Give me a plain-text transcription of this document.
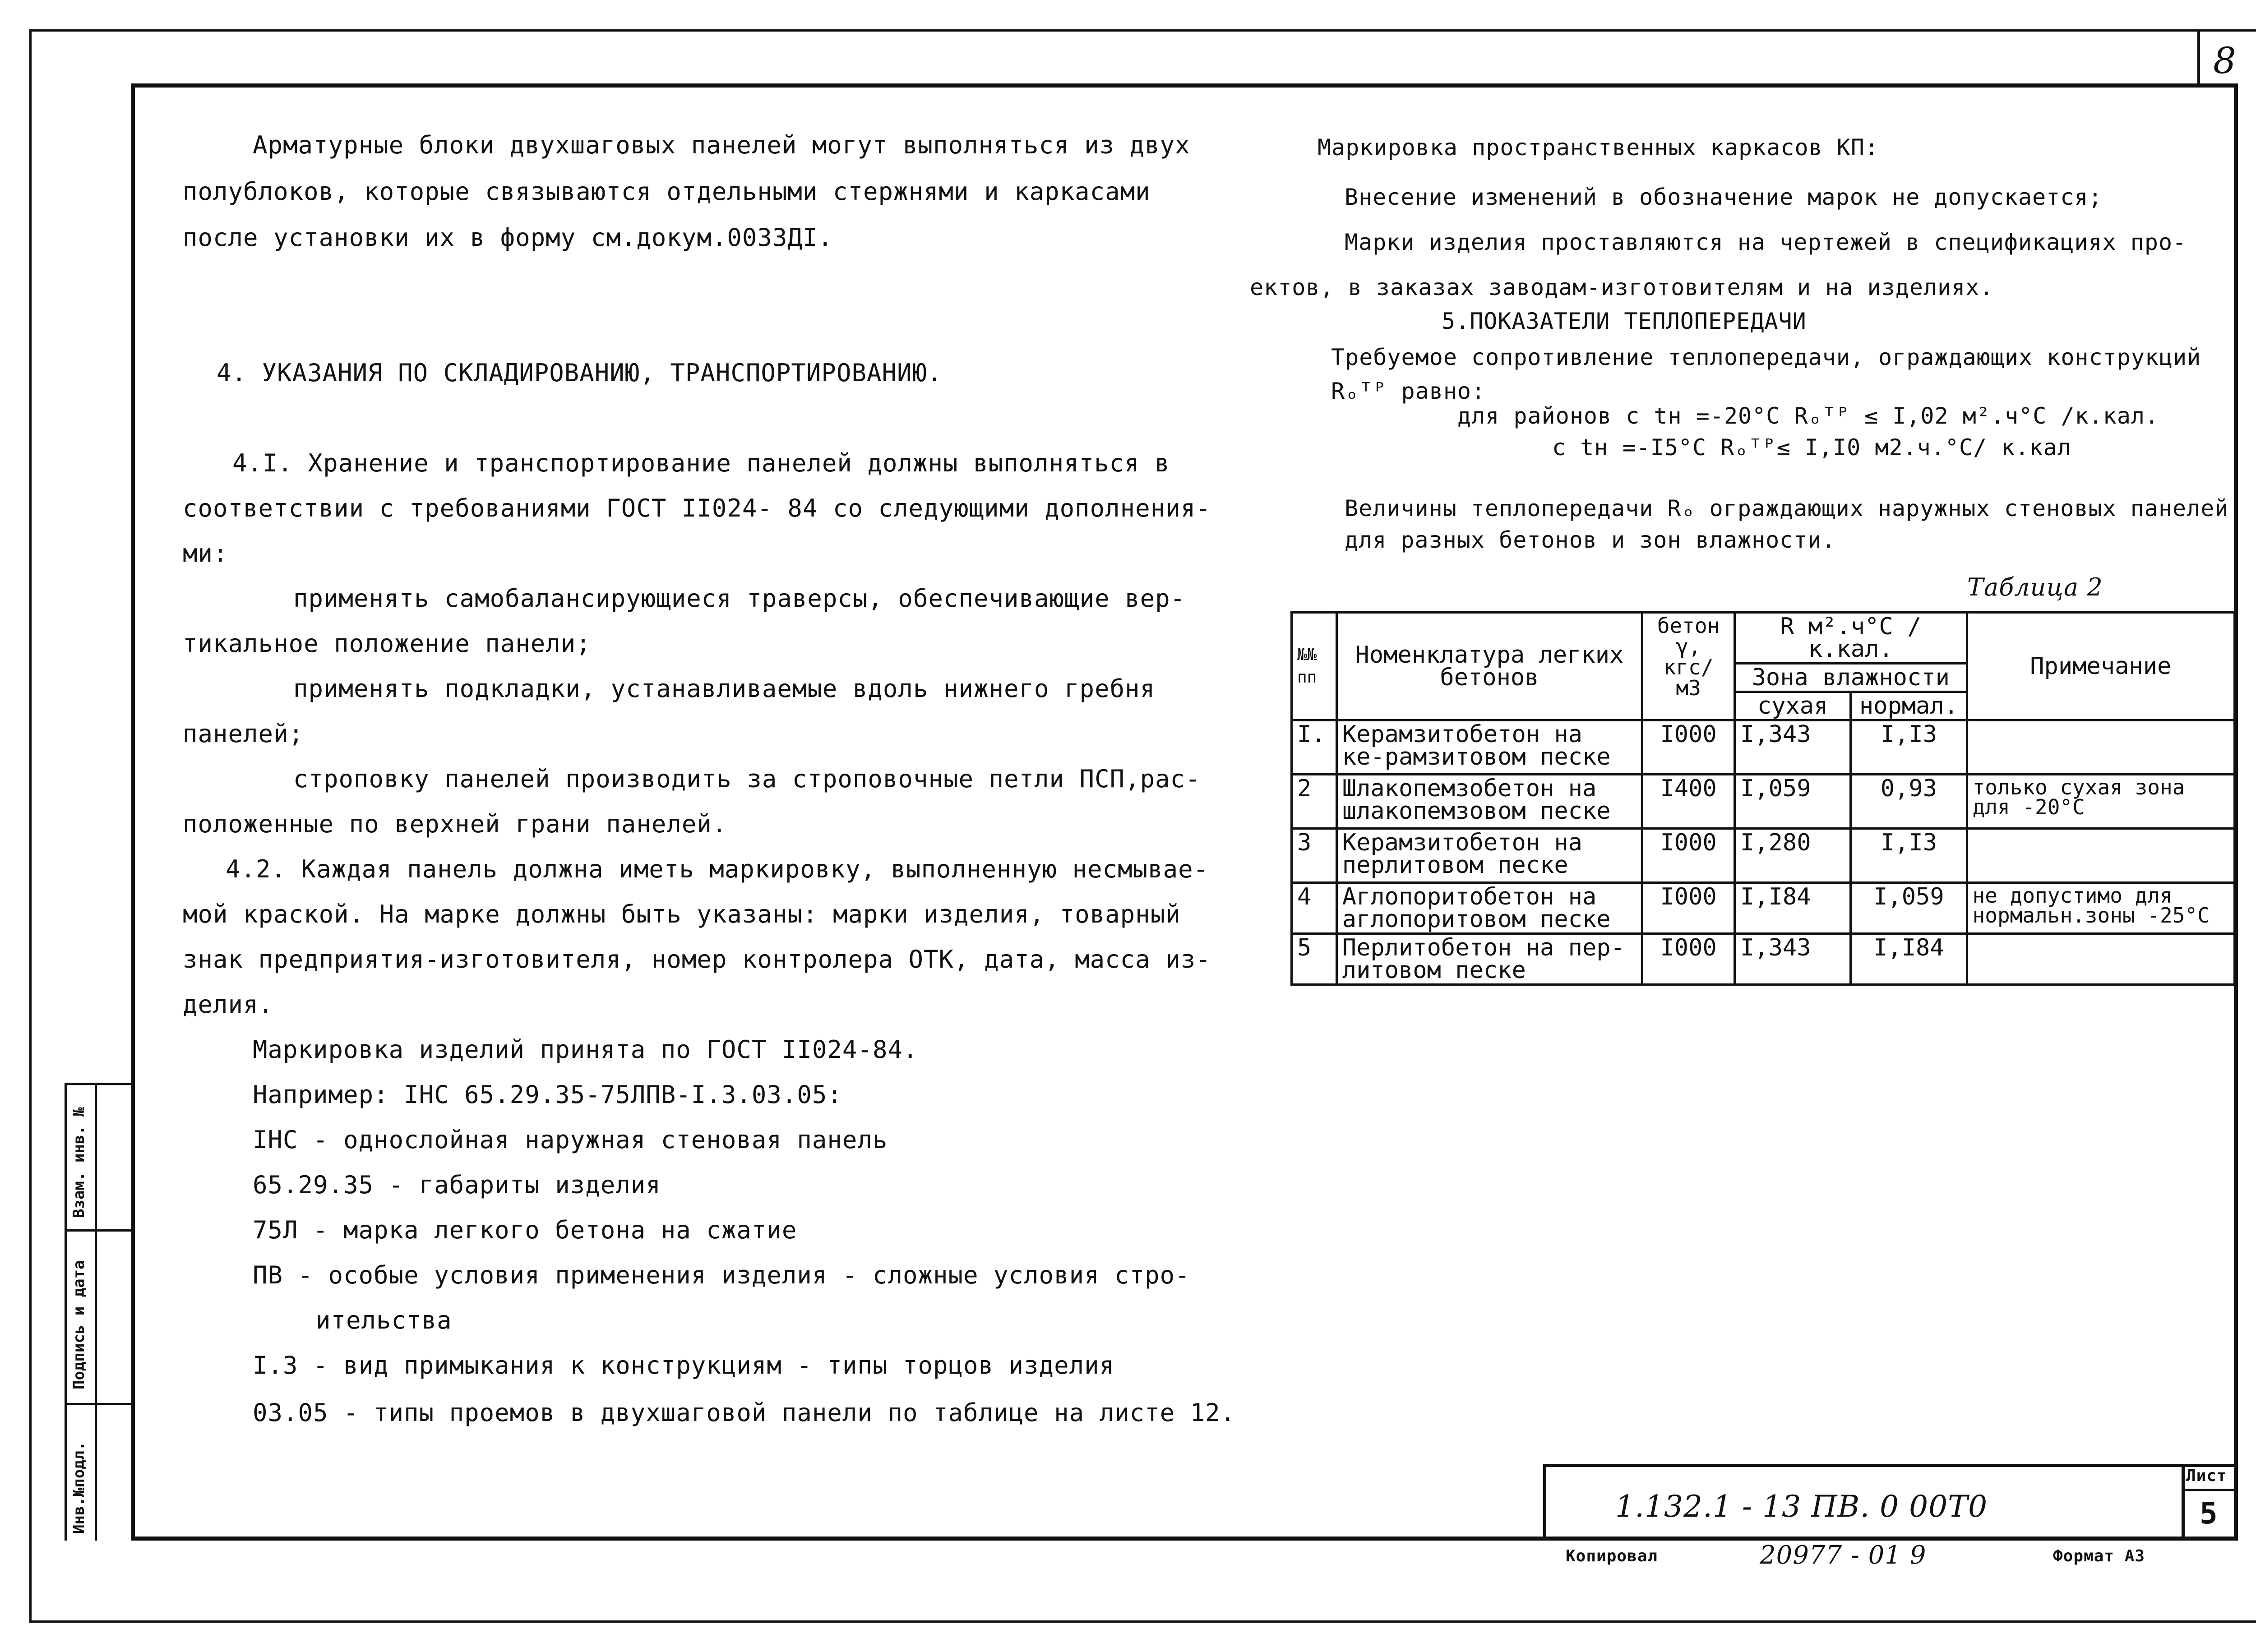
8
Взам. инв. №
Подпись и дата
Инв.№подл.
Арматурные блоки двухшаговых панелей могут выполняться из двух
полублоков, которые связываются отдельными стержнями и каркасами
после установки их в форму см.докум.0033ДI.
4. УКАЗАНИЯ ПО СКЛАДИРОВАНИЮ, ТРАНСПОРТИРОВАНИЮ.
4.I. Хранение и транспортирование панелей должны выполняться в
соответствии с требованиями ГОСТ II024- 84 со следующими дополнения-
ми:
применять самобалансирующиеся траверсы, обеспечивающие вер-
тикальное положение панели;
применять подкладки, устанавливаемые вдоль нижнего гребня
панелей;
строповку панелей производить за строповочные петли ПСП,рас-
положенные по верхней грани панелей.
4.2. Каждая панель должна иметь маркировку, выполненную несмывае-
мой краской. На марке должны быть указаны: марки изделия, товарный
знак предприятия-изготовителя, номер контролера ОТК, дата, масса из-
делия.
Маркировка изделий принята по ГОСТ II024-84.
Например: IHC 65.29.35-75ЛПВ-I.3.03.05:
IHC - однослойная наружная стеновая панель
65.29.35 - габариты изделия
75Л - марка легкого бетона на сжатие
ПВ - особые условия применения изделия - сложные условия стро-
ительства
I.3 - вид примыкания к конструкциям - типы торцов изделия
03.05 - типы проемов в двухшаговой панели по таблице на листе 12.
Маркировка пространственных каркасов КП:
Внесение изменений в обозначение марок не допускается;
Марки изделия проставляются на чертежей в спецификациях про-
ектов, в заказах заводам-изготовителям и на изделиях.
5.ПОКАЗАТЕЛИ ТЕПЛОПЕРЕДАЧИ
Требуемое сопротивление теплопередачи, ограждающих конструкций
Rₒᵀᴾ равно:
для районов с tн =-20°С Rₒᵀᴾ ≤ I,02 м².ч°С /к.кал.
с tн =-I5°С Rₒᵀᴾ≤ I,I0 м2.ч.°С/ к.кал
Величины теплопередачи Rₒ ограждающих наружных стеновых панелей
для разных бетонов и зон влажности.
Таблица 2
№№ пп	Номенклатура легких бетонов	бетон γ, кгс/ м3	R м².ч°С /к.кал.		Примечание
			Зона влажности		
			сухая	нормал.	
I.	Керамзитобетон на ке-рамзитовом песке	I000	I,343	I,I3	
2	Шлакопемзобетон на шлакопемзовом песке	I400	I,059	0,93	только сухая зона для -20°С
3	Керамзитобетон на перлитовом песке	I000	I,280	I,I3	
4	Аглопоритобетон на аглопоритовом песке	I000	I,I84	I,059	не допустимо для нормальн.зоны -25°С
5	Перлитобетон на пер-литовом песке	I000	I,343	I,I84	
1.132.1 - 13 ПВ. 0 00Т0
Лист
5
Копировал	20977 - 01 9	Формат А3
